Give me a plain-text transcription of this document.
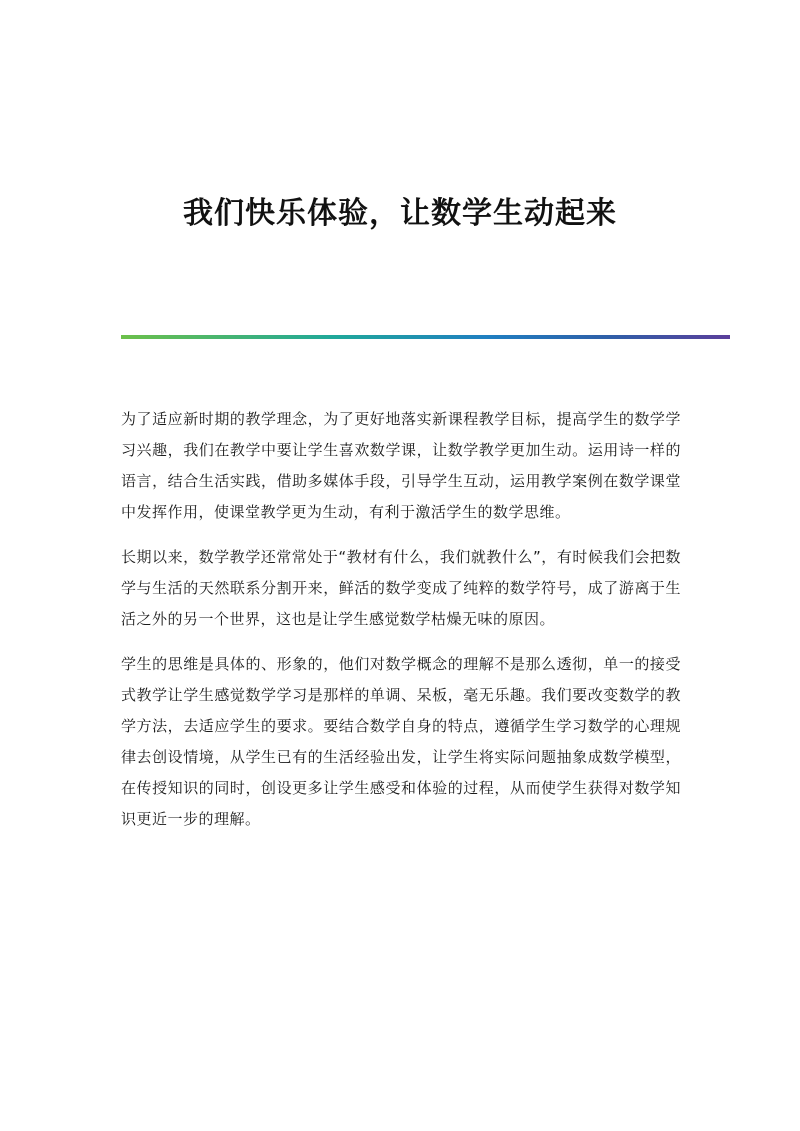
我们快乐体验，让数学生动起来

为了适应新时期的教学理念，为了更好地落实新课程教学目标，提高学生的数学学习兴趣，我们在教学中要让学生喜欢数学课，让数学教学更加生动。运用诗一样的语言，结合生活实践，借助多媒体手段，引导学生互动，运用教学案例在数学课堂中发挥作用，使课堂教学更为生动，有利于激活学生的数学思维。

长期以来，数学教学还常常处于“教材有什么，我们就教什么”，有时候我们会把数学与生活的天然联系分割开来，鲜活的数学变成了纯粹的数学符号，成了游离于生活之外的另一个世界，这也是让学生感觉数学枯燥无味的原因。

学生的思维是具体的、形象的，他们对数学概念的理解不是那么透彻，单一的接受式教学让学生感觉数学学习是那样的单调、呆板，毫无乐趣。我们要改变数学的教学方法，去适应学生的要求。要结合数学自身的特点，遵循学生学习数学的心理规律去创设情境，从学生已有的生活经验出发，让学生将实际问题抽象成数学模型，在传授知识的同时，创设更多让学生感受和体验的过程，从而使学生获得对数学知识更近一步的理解。
